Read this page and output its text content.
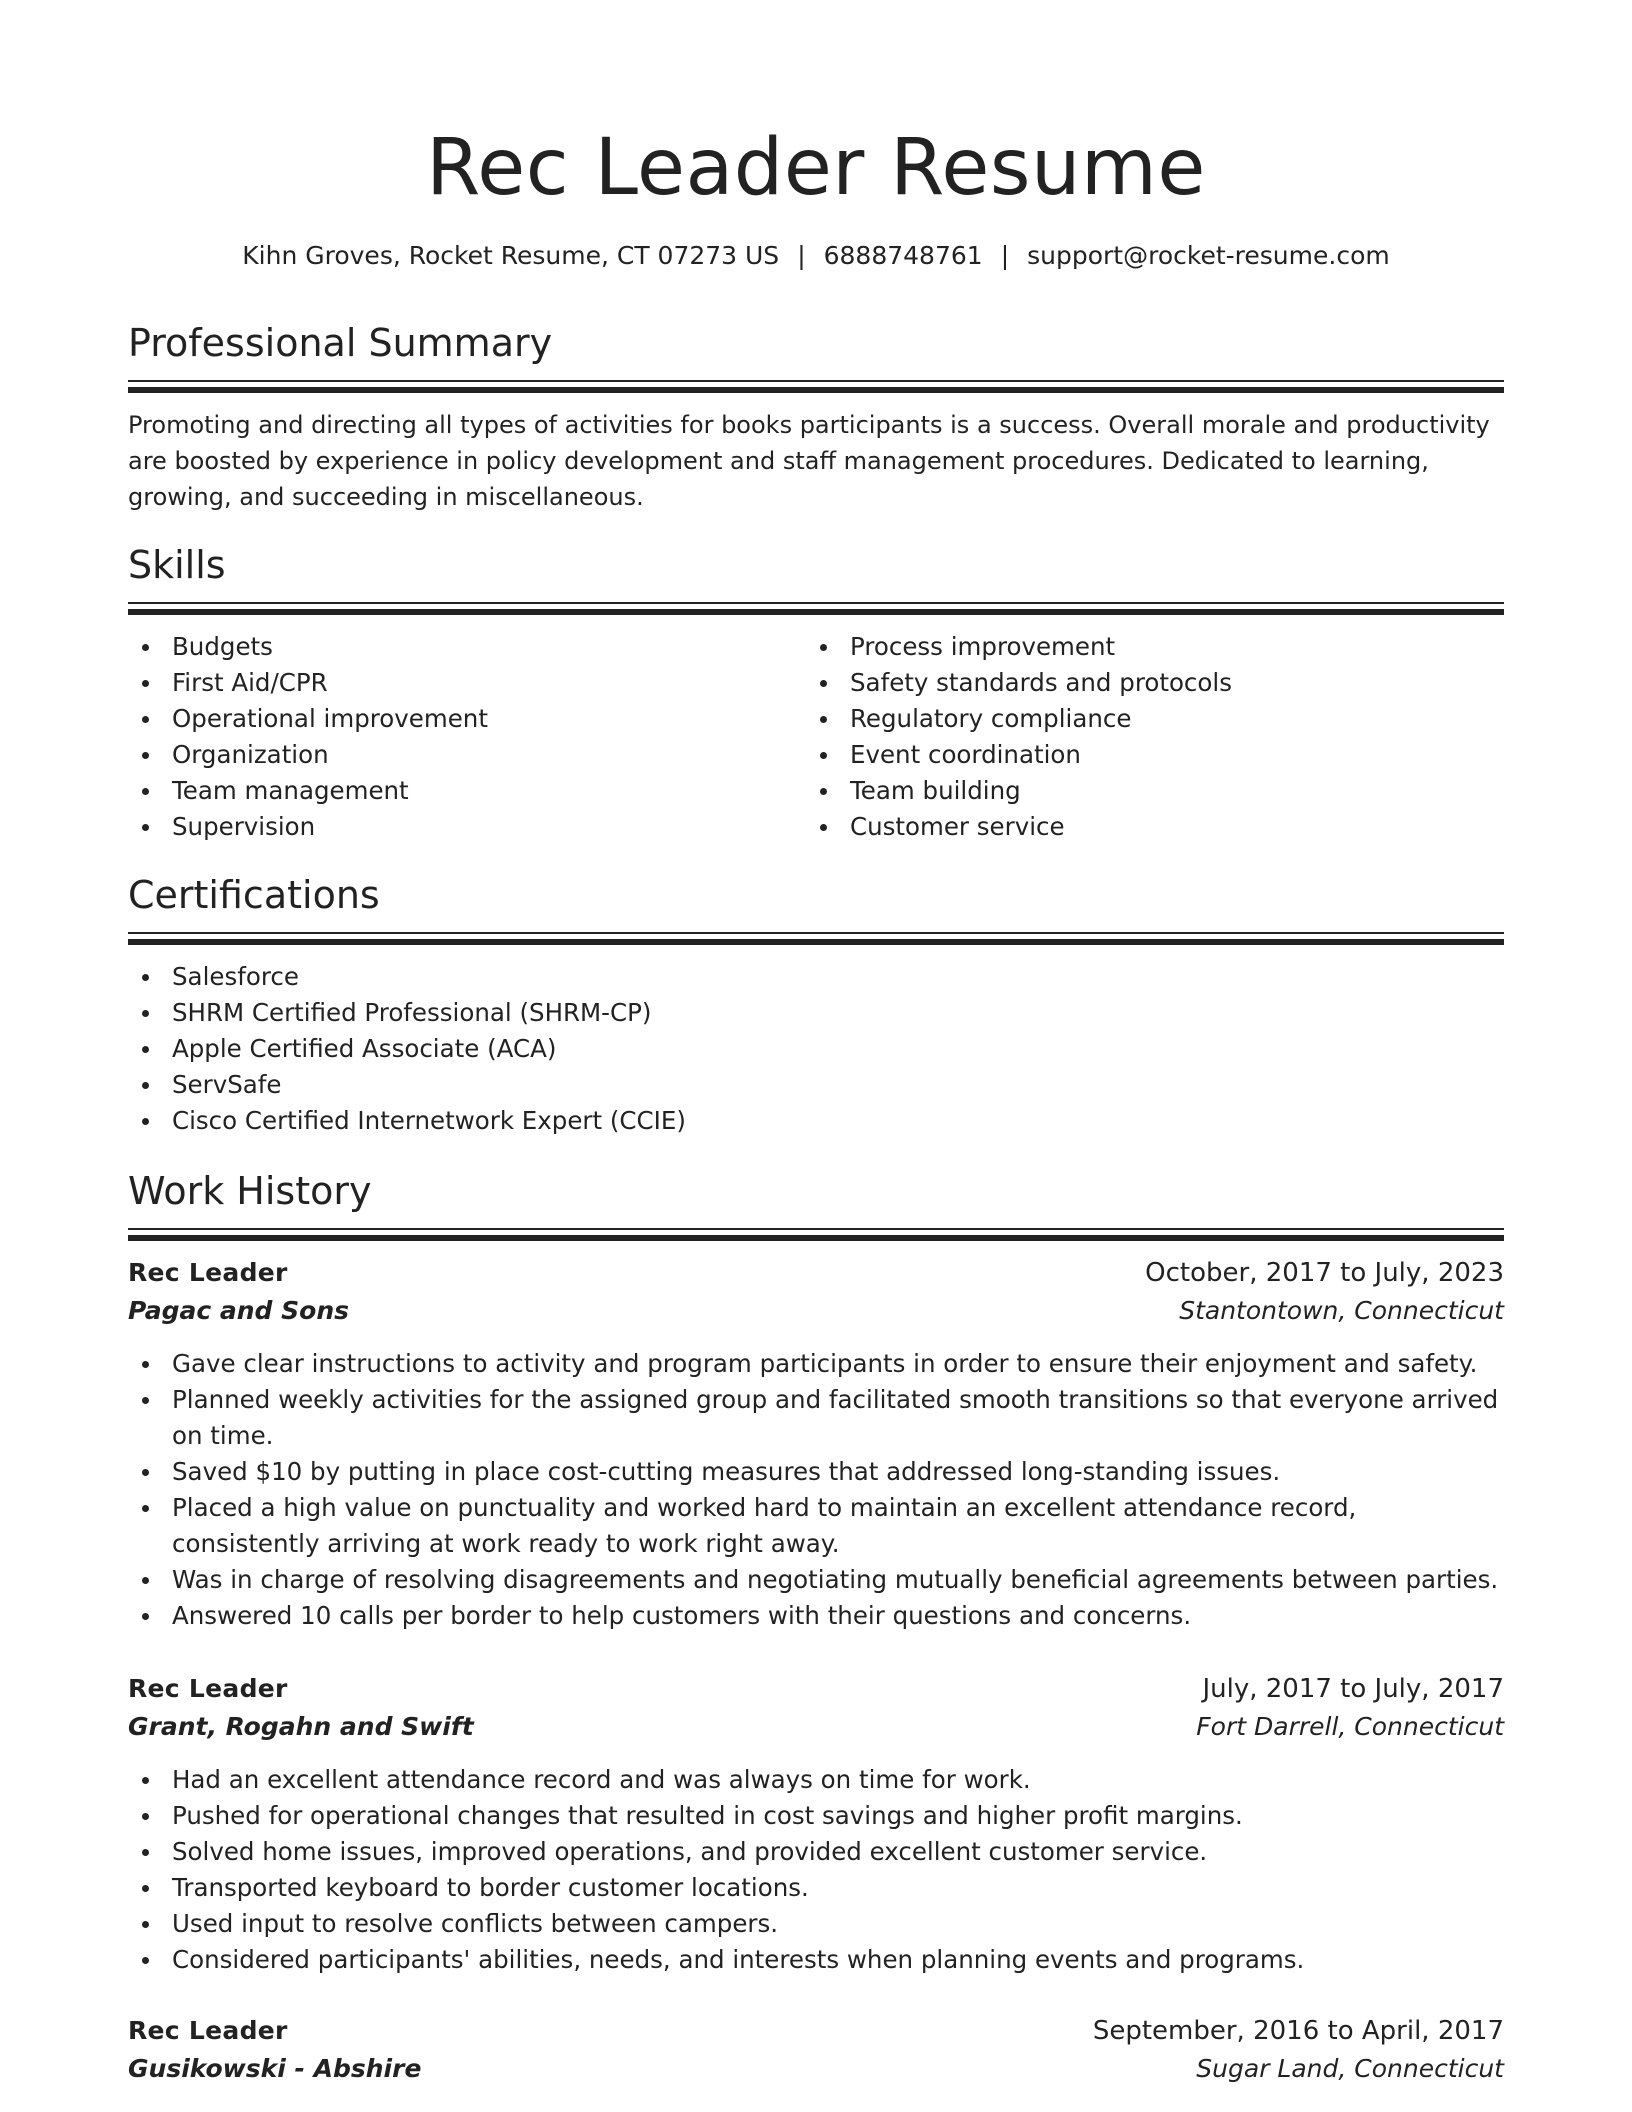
Rec Leader Resume
Kihn Groves, Rocket Resume, CT 07273 US | 6888748761 | support@rocket-resume.com
Professional Summary
Promoting and directing all types of activities for books participants is a success. Overall morale and productivity are boosted by experience in policy development and staff management procedures. Dedicated to learning, growing, and succeeding in miscellaneous.
Skills
Budgets
First Aid/CPR
Operational improvement
Organization
Team management
Supervision
Process improvement
Safety standards and protocols
Regulatory compliance
Event coordination
Team building
Customer service
Certifications
Salesforce
SHRM Certified Professional (SHRM-CP)
Apple Certified Associate (ACA)
ServSafe
Cisco Certified Internetwork Expert (CCIE)
Work History
Rec Leader	October, 2017 to July, 2023
Pagac and Sons	Stantontown, Connecticut
Gave clear instructions to activity and program participants in order to ensure their enjoyment and safety.
Planned weekly activities for the assigned group and facilitated smooth transitions so that everyone arrived on time.
Saved $10 by putting in place cost-cutting measures that addressed long-standing issues.
Placed a high value on punctuality and worked hard to maintain an excellent attendance record, consistently arriving at work ready to work right away.
Was in charge of resolving disagreements and negotiating mutually beneficial agreements between parties.
Answered 10 calls per border to help customers with their questions and concerns.
Rec Leader	July, 2017 to July, 2017
Grant, Rogahn and Swift	Fort Darrell, Connecticut
Had an excellent attendance record and was always on time for work.
Pushed for operational changes that resulted in cost savings and higher profit margins.
Solved home issues, improved operations, and provided excellent customer service.
Transported keyboard to border customer locations.
Used input to resolve conflicts between campers.
Considered participants' abilities, needs, and interests when planning events and programs.
Rec Leader	September, 2016 to April, 2017
Gusikowski - Abshire	Sugar Land, Connecticut
